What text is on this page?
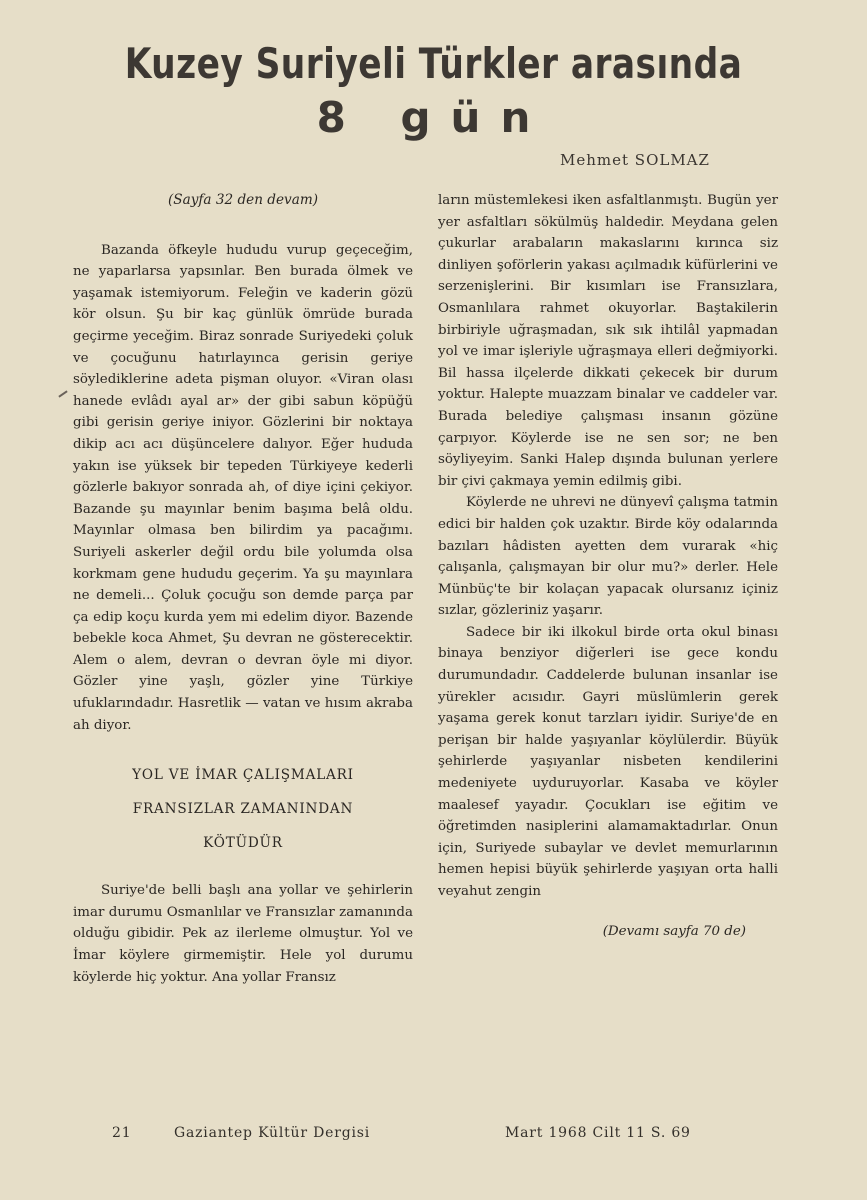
Kuzey Suriyeli Türkler arasında
8 gün
Mehmet SOLMAZ

(Sayfa 32 den devam)

Bazanda öfkeyle hududu vurup geçeceğim, ne yaparlarsa yapsınlar. Ben burada ölmek ve yaşamak istemiyorum. Feleğin ve kaderin gözü kör olsun. Şu bir kaç günlük ömrüde burada geçirme yeceğim. Biraz sonrade Suriyedeki çoluk ve çocuğunu hatırlayınca gerisin geriye söylediklerine adeta pişman oluyor. «Viran olası hanede evlâdı ayal ar» der gibi sabun köpüğü gibi gerisin geriye iniyor. Gözlerini bir noktaya dikip acı acı düşüncelere dalıyor. Eğer hududa yakın ise yüksek bir tepeden Türkiyeye kederli gözlerle bakıyor sonrada ah, of diye içini çekiyor. Bazande şu mayınlar benim başıma belâ oldu. Mayınlar olmasa ben bilirdim ya pacağımı. Suriyeli askerler değil ordu bile yolumda olsa korkmam gene hududu geçerim. Ya şu mayınlara ne demeli... Çoluk çocuğu son demde parça par ça edip koçu kurda yem mi edelim diyor. Bazende bebekle koca Ahmet, Şu devran ne gösterecektir. Alem o alem, devran o devran öyle mi diyor. Gözler yine yaşlı, gözler yine Türkiye ufuklarındadır. Hasretlik — vatan ve hısım akraba ah diyor.

YOL VE İMAR ÇALIŞMALARI

FRANSIZLAR ZAMANINDAN

KÖTÜDÜR

Suriye'de belli başlı ana yollar ve şehirlerin imar durumu Osmanlılar ve Fransızlar zamanında olduğu gibidir. Pek az ilerleme olmuştur. Yol ve İmar köylere girmemiştir. Hele yol durumu köylerde hiç yoktur. Ana yollar Fransız

ların müstemlekesi iken asfaltlanmıştı. Bugün yer yer asfaltları sökülmüş haldedir. Meydana gelen çukurlar arabaların makaslarını kırınca siz dinliyen şoförlerin yakası açılmadık küfürlerini ve serzenişlerini. Bir kısımları ise Fransızlara, Osmanlılara rahmet okuyorlar. Baştakilerin birbiriyle uğraşmadan, sık sık ihtilâl yapmadan yol ve imar işleriyle uğraşmaya elleri değmiyorki. Bil hassa ilçelerde dikkati çekecek bir durum yoktur. Halepte muazzam binalar ve caddeler var. Burada belediye çalışması insanın gözüne çarpıyor. Köylerde ise ne sen sor; ne ben söyliyeyim. Sanki Halep dışında bulunan yerlere bir çivi çakmaya yemin edilmiş gibi.

Köylerde ne uhrevi ne dünyevî çalışma tatmin edici bir halden çok uzaktır. Birde köy odalarında bazıları hâdisten ayetten dem vurarak «hiç çalışanla, çalışmayan bir olur mu?» derler. Hele Münbüç'te bir kolaçan yapacak olursanız içiniz sızlar, gözleriniz yaşarır.

Sadece bir iki ilkokul birde orta okul binası binaya benziyor diğerleri ise gece kondu durumundadır. Caddelerde bulunan insanlar ise yürekler acısıdır. Gayri müslümlerin gerek yaşama gerek konut tarzları iyidir. Suriye'de en perişan bir halde yaşıyanlar köylülerdir. Büyük şehirlerde yaşıyanlar nisbeten kendilerini medeniyete uyduruyorlar. Kasaba ve köyler maalesef yayadır. Çocukları ise eğitim ve öğretimden nasiplerini alamamaktadırlar. Onun için, Suriyede subaylar ve devlet memurlarının hemen hepisi büyük şehirlerde yaşıyan orta halli veyahut zengin

(Devamı sayfa 70 de)

21	Gaziantep Kültür Dergisi	Mart 1968 Cilt 11 S. 69
